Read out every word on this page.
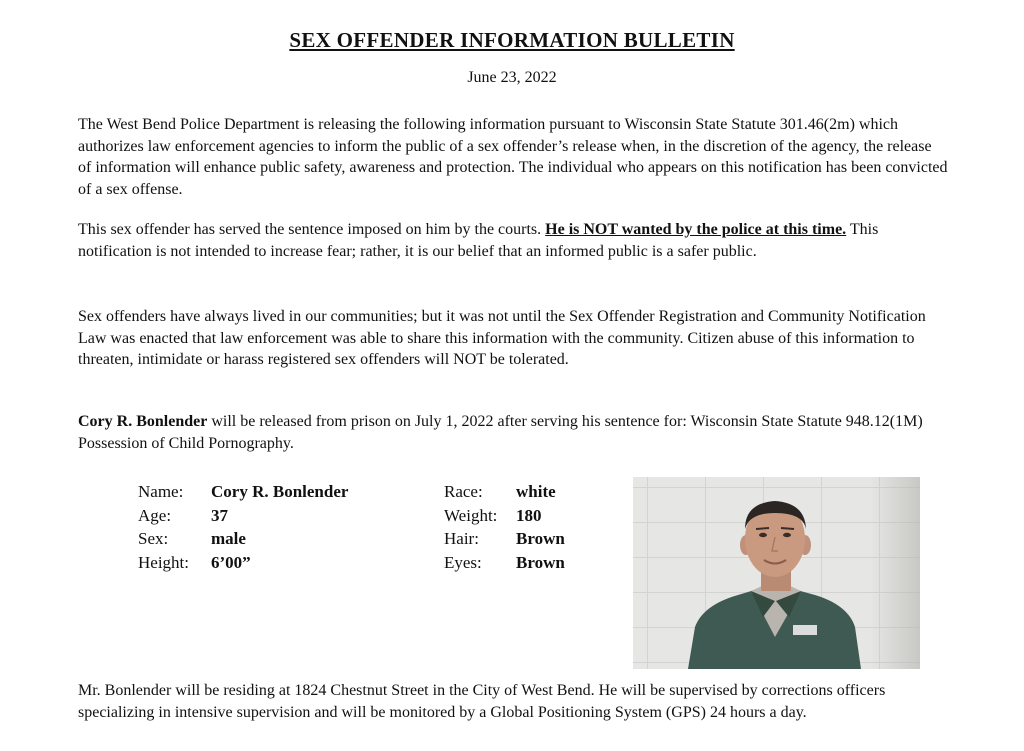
SEX OFFENDER INFORMATION BULLETIN
June 23, 2022

The West Bend Police Department is releasing the following information pursuant to Wisconsin State Statute 301.46(2m) which authorizes law enforcement agencies to inform the public of a sex offender’s release when, in the discretion of the agency, the release of information will enhance public safety, awareness and protection. The individual who appears on this notification has been convicted of a sex offense.

This sex offender has served the sentence imposed on him by the courts. He is NOT wanted by the police at this time. This notification is not intended to increase fear; rather, it is our belief that an informed public is a safer public.

Sex offenders have always lived in our communities; but it was not until the Sex Offender Registration and Community Notification Law was enacted that law enforcement was able to share this information with the community. Citizen abuse of this information to threaten, intimidate or harass registered sex offenders will NOT be tolerated.

Cory R. Bonlender will be released from prison on July 1, 2022 after serving his sentence for: Wisconsin State Statute 948.12(1M) Possession of Child Pornography.

Name:	Cory R. Bonlender
Age:	37
Sex:	male
Height:	6’00”
Race:	white
Weight:	180
Hair:	Brown
Eyes:	Brown

Mr. Bonlender will be residing at 1824 Chestnut Street in the City of West Bend. He will be supervised by corrections officers specializing in intensive supervision and will be monitored by a Global Positioning System (GPS) 24 hours a day.
